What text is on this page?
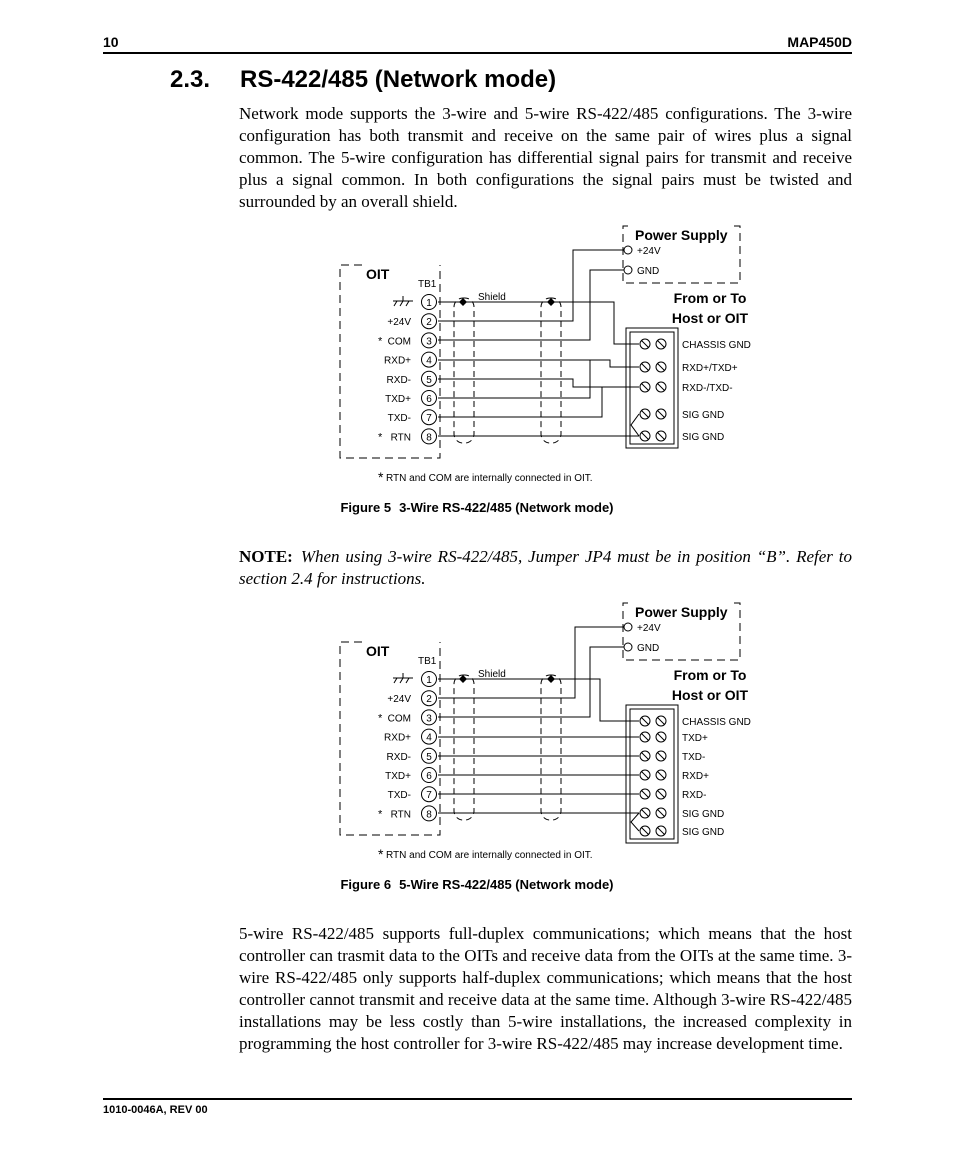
10	MAP450D
2.3. RS-422/485 (Network mode)

Network mode supports the 3-wire and 5-wire RS-422/485 configurations. The 3-wire configuration has both transmit and receive on the same pair of wires plus a signal common. The 5-wire configuration has differential signal pairs for transmit and receive plus a signal common. In both configurations the signal pairs must be twisted and surrounded by an overall shield.

Power Supply
+24V
GND
OIT
TB1
Shield	From or To
Host or OIT
1
2
+24V
3
COM
*
4
RXD+
5
RXD-
6
TXD+
7
TXD-
8
RTN
*
CHASSIS GND
RXD+/TXD+
RXD-/TXD-
SIG GND
SIG GND
* RTN and COM are internally connected in OIT.
Figure 5 3-Wire RS-422/485 (Network mode)

NOTE: When using 3-wire RS-422/485, Jumper JP4 must be in position “B”. Refer to section 2.4 for instructions.

Power Supply
+24V
GND
OIT
TB1
Shield	From or To
Host or OIT
1
2
+24V
3
COM
*
4
RXD+
5
RXD-
6
TXD+
7
TXD-
8
RTN
*
CHASSIS GND
TXD+
TXD-
RXD+
RXD-
SIG GND
SIG GND
* RTN and COM are internally connected in OIT.
Figure 6 5-Wire RS-422/485 (Network mode)

5-wire RS-422/485 supports full-duplex communications; which means that the host controller can trasmit data to the OITs and receive data from the OITs at the same time. 3-wire RS-422/485 only supports half-duplex communications; which means that the host controller cannot transmit and receive data at the same time. Although 3-wire RS-422/485 installations may be less costly than 5-wire installations, the increased complexity in programming the host controller for 3-wire RS-422/485 may increase development time.

1010-0046A, REV 00
